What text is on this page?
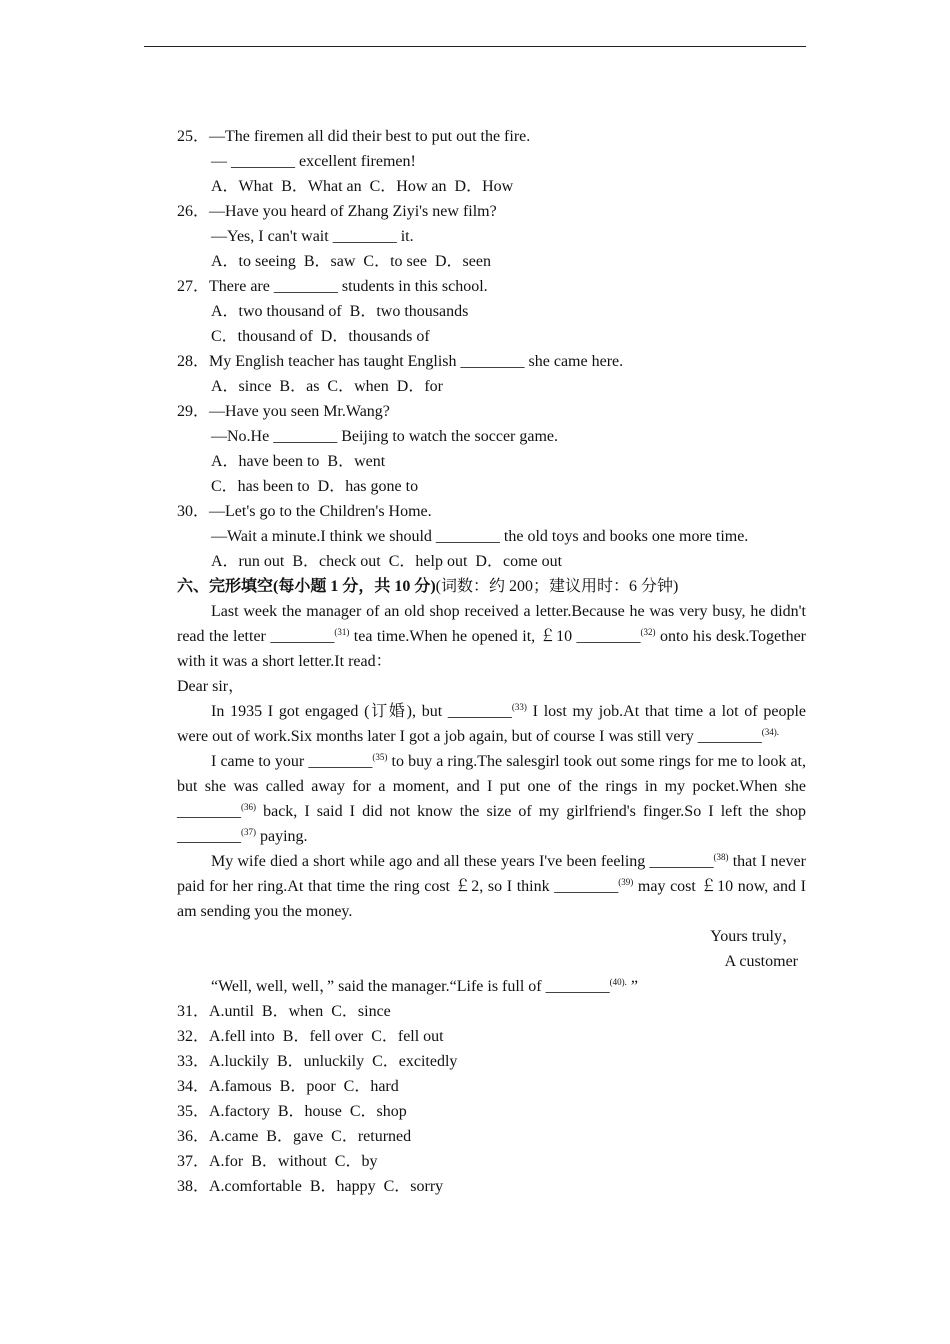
25．—The firemen all did their best to put out the fire.
— ________ excellent firemen!
A．What  B．What an  C．How an  D．How
26．—Have you heard of Zhang Ziyi's new film?
—Yes, I can't wait ________ it.
A．to seeing  B．saw  C．to see  D．seen
27．There are ________ students in this school.
A．two thousand of  B．two thousands
C．thousand of  D．thousands of
28．My English teacher has taught English ________ she came here.
A．since  B．as  C．when  D．for
29．—Have you seen Mr.Wang?
—No.He ________ Beijing to watch the soccer game.
A．have been to  B．went
C．has been to  D．has gone to
30．—Let's go to the Children's Home.
—Wait a minute.I think we should ________ the old toys and books one more time.
A．run out  B．check out  C．help out  D．come out
六、完形填空(每小题 1 分，共 10 分)(词数：约 200；建议用时：6 分钟)
Last week the manager of an old shop received a letter.Because he was very busy, he didn't read the letter ________$^{(31)}$ tea time.When he opened it, ￡10 ________$^{(32)}$ onto his desk.Together with it was a short letter.It read：
Dear sir，
In 1935 I got engaged (订婚), but ________$^{(33)}$ I lost my job.At that time a lot of people were out of work.Six months later I got a job again, but of course I was still very ________$^{(34).}$
I came to your ________$^{(35)}$ to buy a ring.The salesgirl took out some rings for me to look at, but she was called away for a moment, and I put one of the rings in my pocket.When she ________$^{(36)}$ back, I said I did not know the size of my girlfriend's finger.So I left the shop ________$^{(37)}$ paying.
My wife died a short while ago and all these years I've been feeling ________$^{(38)}$ that I never paid for her ring.At that time the ring cost ￡2, so I think ________$^{(39)}$ may cost ￡10 now, and I am sending you the money.
Yours truly，
A customer
“Well, well, well，” said the manager.“Life is full of ________$^{(40).}$ ”
31．A.until  B．when  C．since
32．A.fell into  B．fell over  C．fell out
33．A.luckily  B．unluckily  C．excitedly
34．A.famous  B．poor  C．hard
35．A.factory  B．house  C．shop
36．A.came  B．gave  C．returned
37．A.for  B．without  C．by
38．A.comfortable  B．happy  C．sorry
